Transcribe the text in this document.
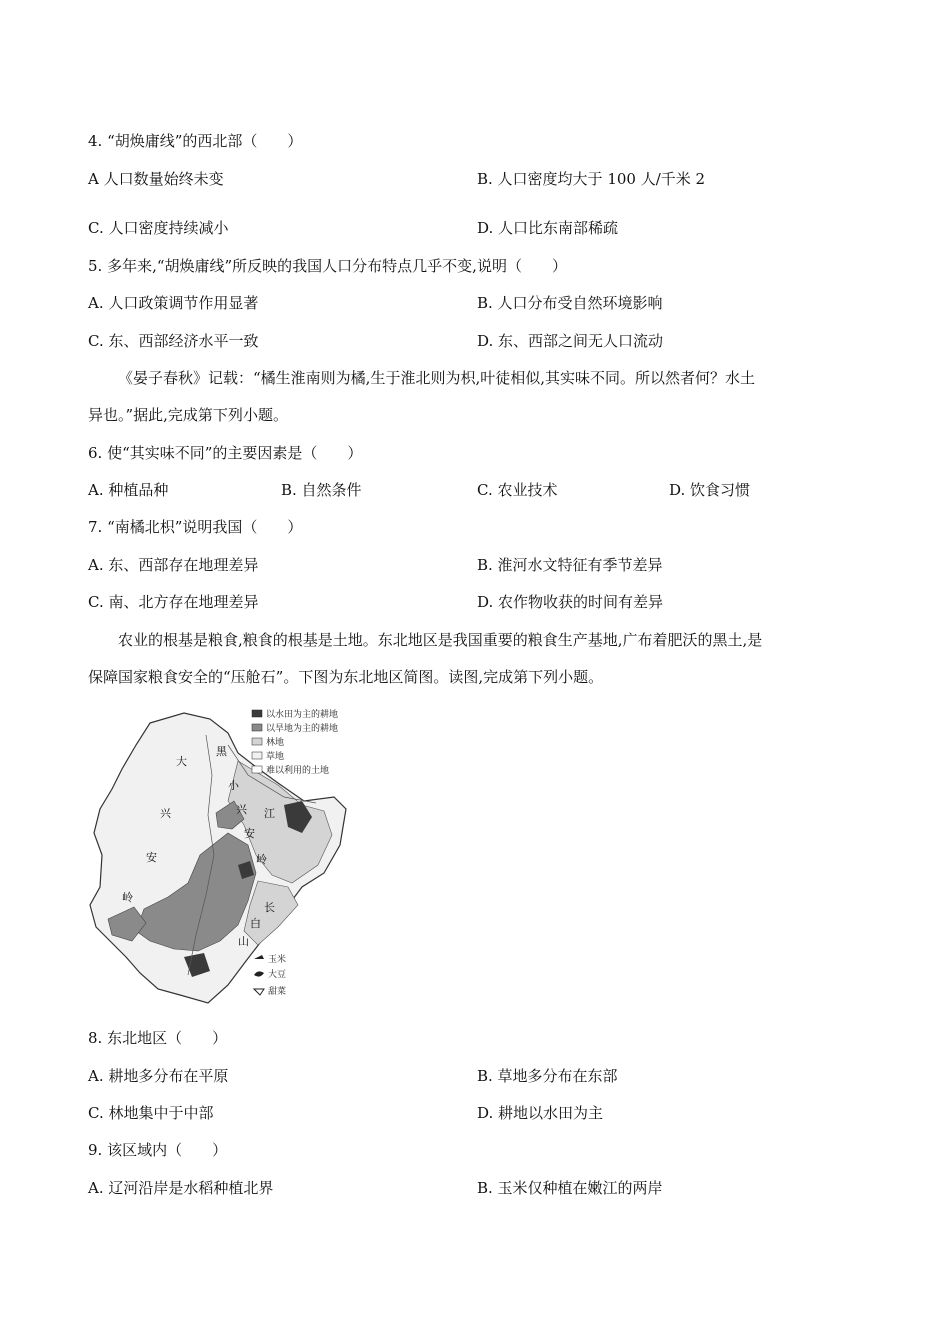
4. “胡焕庸线”的西北部（　　）
A 人口数量始终未变	B. 人口密度均大于 100 人/千米 2
C. 人口密度持续减小	D. 人口比东南部稀疏
5. 多年来,“胡焕庸线”所反映的我国人口分布特点几乎不变,说明（　　）
A. 人口政策调节作用显著	B. 人口分布受自然环境影响
C. 东、西部经济水平一致	D. 东、西部之间无人口流动
《晏子春秋》记载：“橘生淮南则为橘,生于淮北则为枳,叶徒相似,其实味不同。所以然者何？水土
异也。”据此,完成第下列小题。
6. 使“其实味不同”的主要因素是（　　）
A. 种植品种	B. 自然条件	C. 农业技术	D. 饮食习惯
7. “南橘北枳”说明我国（　　）
A. 东、西部存在地理差异	B. 淮河水文特征有季节差异
C. 南、北方存在地理差异	D. 农作物收获的时间有差异
农业的根基是粮食,粮食的根基是土地。东北地区是我国重要的粮食生产基地,广布着肥沃的黑土,是
保障国家粮食安全的“压舱石”。下图为东北地区简图。读图,完成第下列小题。
大
兴
安
岭
小
兴
安
岭
长
白
山
黑
江
以水田为主的耕地
以旱地为主的耕地
林地
草地
难以利用的土地
玉米
大豆
甜菜
8. 东北地区（　　）
A. 耕地多分布在平原	B. 草地多分布在东部
C. 林地集中于中部	D. 耕地以水田为主
9. 该区域内（　　）
A. 辽河沿岸是水稻种植北界	B. 玉米仅种植在嫩江的两岸
